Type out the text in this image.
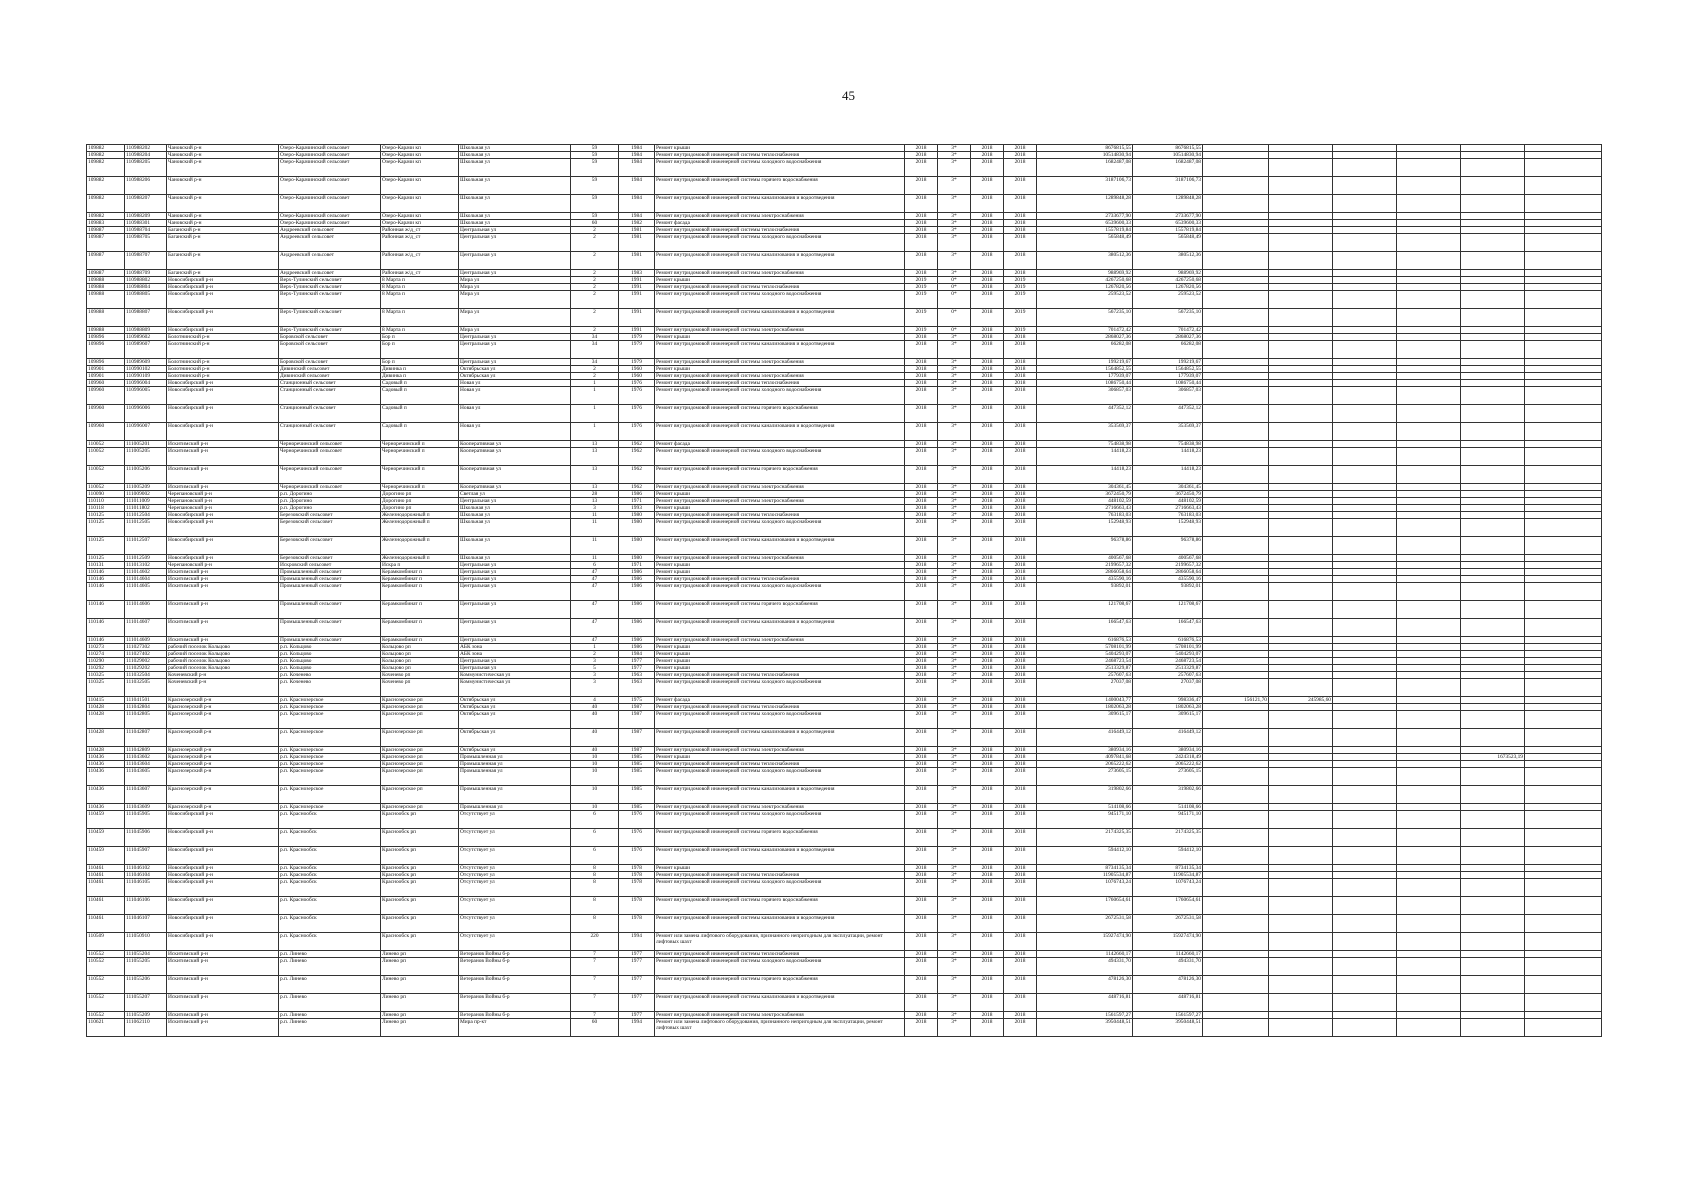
45
109882	110988202	Чановский р-н	Озеро-Карачинский сельсовет	Озеро-Карачи кп	Школьная ул	59	1984	Ремонт крыши	2018	3*	2018	2018	8676815,55	8676815,55						
109882	110988204	Чановский р-н	Озеро-Карачинский сельсовет	Озеро-Карачи кп	Школьная ул	59	1984	Ремонт внутридомовой инженерной системы теплоснабжения	2018	3*	2018	2018	10514830,94	10514830,94						
109882	110988205	Чановский р-н	Озеро-Карачинский сельсовет	Озеро-Карачи кп	Школьная ул	59	1984	Ремонт внутридомовой инженерной системы холодного водоснабжения	2018	3*	2018	2018	1682487,08	1682487,08						
109882	110988206	Чановский р-н	Озеро-Карачинский сельсовет	Озеро-Карачи кп	Школьная ул	59	1984	Ремонт внутридомовой инженерной системы горячего водоснабжения	2018	3*	2018	2018	3187106,73	3187106,73						
109882	110988207	Чановский р-н	Озеро-Карачинский сельсовет	Озеро-Карачи кп	Школьная ул	59	1984	Ремонт внутридомовой инженерной системы канализования и водоотведения	2018	3*	2018	2018	1289848,28	1289848,28						
109882	110988209	Чановский р-н	Озеро-Карачинский сельсовет	Озеро-Карачи кп	Школьная ул	59	1984	Ремонт внутридомовой инженерной системы электроснабжения	2018	3*	2018	2018	2733677,90	2733677,90						
109883	110988301	Чановский р-н	Озеро-Карачинский сельсовет	Озеро-Карачи кп	Школьная ул	60	1982	Ремонт фасада	2018	3*	2018	2018	6539600,33	6539600,33						
109887	110988704	Баганский р-н	Андреевский сельсовет	Районная ж/д_ст	Центральная ул	2	1981	Ремонт внутридомовой инженерной системы теплоснабжения	2018	3*	2018	2018	1557819,84	1557819,84						
109887	110988705	Баганский р-н	Андреевский сельсовет	Районная ж/д_ст	Центральная ул	2	1981	Ремонт внутридомовой инженерной системы холодного водоснабжения	2018	3*	2018	2018	565848,49	565848,49						
109887	110988707	Баганский р-н	Андреевский сельсовет	Районная ж/д_ст	Центральная ул	2	1981	Ремонт внутридомовой инженерной системы канализования и водоотведения	2018	3*	2018	2018	380512,36	380512,36						
109887	110988709	Баганский р-н	Андреевский сельсовет	Районная ж/д_ст	Центральная ул	2	1983	Ремонт внутридомовой инженерной системы электроснабжения	2018	3*	2018	2018	988969,92	988969,92						
109888	110988802	Новосибирский р-н	Верх-Тулинский сельсовет	8 Марта п	Мира ул	2	1991	Ремонт крыши	2019	0*	2018	2019	4267250,68	4267250,68						
109888	110988804	Новосибирский р-н	Верх-Тулинский сельсовет	8 Марта п	Мира ул	2	1991	Ремонт внутридомовой инженерной системы теплоснабжения	2019	0*	2018	2019	1267820,56	1267820,56						
109888	110988805	Новосибирский р-н	Верх-Тулинский сельсовет	8 Марта п	Мира ул	2	1991	Ремонт внутридомовой инженерной системы холодного водоснабжения	2019	0*	2018	2019	259523,52	259523,52						
109888	110988807	Новосибирский р-н	Верх-Тулинский сельсовет	8 Марта п	Мира ул	2	1991	Ремонт внутридомовой инженерной системы канализования и водоотведения	2019	0*	2018	2019	567235,10	567235,10						
109888	110988809	Новосибирский р-н	Верх-Тулинский сельсовет	8 Марта п	Мира ул	2	1991	Ремонт внутридомовой инженерной системы электроснабжения	2019	0*	2018	2019	701472,42	701472,42						
109896	110989602	Болотнинский р-н	Боровской сельсовет	Бор п	Центральная ул	34	1979	Ремонт крыши	2018	3*	2018	2018	2868027,36	2868027,36						
109896	110989607	Болотнинский р-н	Боровской сельсовет	Бор п	Центральная ул	34	1979	Ремонт внутридомовой инженерной системы канализования и водоотведения	2018	3*	2018	2018	66282,08	66282,08						
109896	110989609	Болотнинский р-н	Боровской сельсовет	Бор п	Центральная ул	34	1979	Ремонт внутридомовой инженерной системы электроснабжения	2018	3*	2018	2018	199219,67	199219,67						
109901	110990102	Болотнинский р-н	Дивинский сельсовет	Дивинка п	Октябрьская ул	2	1960	Ремонт крыши	2018	3*	2018	2018	1564852,55	1564852,55						
109901	110990109	Болотнинский р-н	Дивинский сельсовет	Дивинка п	Октябрьская ул	2	1960	Ремонт внутридомовой инженерной системы электроснабжения	2018	3*	2018	2018	177939,07	177939,07						
109960	110996004	Новосибирский р-н	Станционный сельсовет	Садовый п	Новая ул	1	1976	Ремонт внутридомовой инженерной системы теплоснабжения	2018	3*	2018	2018	1086750,44	1086750,44						
109960	110996005	Новосибирский р-н	Станционный сельсовет	Садовый п	Новая ул	1	1976	Ремонт внутридомовой инженерной системы холодного водоснабжения	2018	3*	2018	2018	306857,03	306857,03						
109960	110996006	Новосибирский р-н	Станционный сельсовет	Садовый п	Новая ул	1	1976	Ремонт внутридомовой инженерной системы горячего водоснабжения	2018	3*	2018	2018	447352,12	447352,12						
109960	110996007	Новосибирский р-н	Станционный сельсовет	Садовый п	Новая ул	1	1976	Ремонт внутридомовой инженерной системы канализования и водоотведения	2018	3*	2018	2018	353569,37	353569,37						
110052	111005201	Искитимский р-н	Черноречинский сельсовет	Черноречинский п	Кооперативная ул	13	1962	Ремонт фасада	2018	3*	2018	2018	754838,98	754838,98						
110052	111005205	Искитимский р-н	Черноречинский сельсовет	Черноречинский п	Кооперативная ул	13	1962	Ремонт внутридомовой инженерной системы холодного водоснабжения	2018	3*	2018	2018	14418,23	14418,23						
110052	111005206	Искитимский р-н	Черноречинский сельсовет	Черноречинский п	Кооперативная ул	13	1962	Ремонт внутридомовой инженерной системы горячего водоснабжения	2018	3*	2018	2018	14418,23	14418,23						
110052	111005209	Искитимский р-н	Черноречинский сельсовет	Черноречинский п	Кооперативная ул	13	1962	Ремонт внутридомовой инженерной системы электроснабжения	2018	3*	2018	2018	304361,45	304361,45						
110090	111009002	Черепановский р-н	р.п. Дорогино	Дорогино рп	Светлая ул	28	1986	Ремонт крыши	2018	3*	2018	2018	3672450,79	3672450,79						
110110	111011009	Черепановский р-н	р.п. Дорогино	Дорогино рп	Центральная ул	13	1971	Ремонт внутридомовой инженерной системы электроснабжения	2018	3*	2018	2018	448102,59	448102,59						
110118	111011802	Черепановский р-н	р.п. Дорогино	Дорогино рп	Школьная ул	3	1993	Ремонт крыши	2018	3*	2018	2018	2716663,43	2716663,43						
110125	111012504	Новосибирский р-н	Березовский сельсовет	Железнодорожный п	Школьная ул	11	1980	Ремонт внутридомовой инженерной системы теплоснабжения	2018	3*	2018	2018	763183,03	763183,03						
110125	111012505	Новосибирский р-н	Березовский сельсовет	Железнодорожный п	Школьная ул	11	1980	Ремонт внутридомовой инженерной системы холодного водоснабжения	2018	3*	2018	2018	152948,93	152948,93						
110125	111012507	Новосибирский р-н	Березовский сельсовет	Железнодорожный п	Школьная ул	11	1980	Ремонт внутридомовой инженерной системы канализования и водоотведения	2018	3*	2018	2018	96378,86	96378,86						
110125	111012509	Новосибирский р-н	Березовский сельсовет	Железнодорожный п	Школьная ул	11	1980	Ремонт внутридомовой инженерной системы электроснабжения	2018	3*	2018	2018	400567,68	400567,68						
110131	111013102	Черепановский р-н	Искровский сельсовет	Искра п	Центральная ул	6	1971	Ремонт крыши	2018	3*	2018	2018	2199657,32	2199657,32						
110146	111014602	Искитимский р-н	Промышленный сельсовет	Керамкомбинат п	Центральная ул	47	1986	Ремонт крыши	2018	3*	2018	2018	2866058,64	2866058,64						
110146	111014604	Искитимский р-н	Промышленный сельсовет	Керамкомбинат п	Центральная ул	47	1986	Ремонт внутридомовой инженерной системы теплоснабжения	2018	3*	2018	2018	435590,16	435590,16						
110146	111014605	Искитимский р-н	Промышленный сельсовет	Керамкомбинат п	Центральная ул	47	1986	Ремонт внутридомовой инженерной системы холодного водоснабжения	2018	3*	2018	2018	93892,01	93892,01						
110146	111014606	Искитимский р-н	Промышленный сельсовет	Керамкомбинат п	Центральная ул	47	1986	Ремонт внутридомовой инженерной системы горячего водоснабжения	2018	3*	2018	2018	121708,67	121708,67						
110146	111014607	Искитимский р-н	Промышленный сельсовет	Керамкомбинат п	Центральная ул	47	1986	Ремонт внутридомовой инженерной системы канализования и водоотведения	2018	3*	2018	2018	166547,63	166547,63						
110146	111014609	Искитимский р-н	Промышленный сельсовет	Керамкомбинат п	Центральная ул	47	1986	Ремонт внутридомовой инженерной системы электроснабжения	2018	3*	2018	2018	616876,53	616876,53						
110273	111027302	рабочий поселок Кольцово	р.п. Кольцово	Кольцово рп	АБК зона	1	1986	Ремонт крыши	2018	3*	2018	2018	5708101,99	5708101,99						
110274	111027402	рабочий поселок Кольцово	р.п. Кольцово	Кольцово рп	АБК зона	2	1984	Ремонт крыши	2018	3*	2018	2018	5404293,07	5404293,07						
110290	111029002	рабочий поселок Кольцово	р.п. Кольцово	Кольцово рп	Центральная ул	3	1977	Ремонт крыши	2018	3*	2018	2018	2468723,54	2468723,54						
110292	111029202	рабочий поселок Кольцово	р.п. Кольцово	Кольцово рп	Центральная ул	5	1977	Ремонт крыши	2018	3*	2018	2018	2513329,87	2513329,87						
110325	111032504	Коченевский р-н	р.п. Коченево	Коченево рп	Коммунистическая ул	3	1963	Ремонт внутридомовой инженерной системы теплоснабжения	2018	3*	2018	2018	257607,63	257607,63						
110325	111032505	Коченевский р-н	р.п. Коченево	Коченево рп	Коммунистическая ул	3	1963	Ремонт внутридомовой инженерной системы холодного водоснабжения	2018	3*	2018	2018	27037,08	27037,08						
110415	111041501	Краснозерский р-н	р.п. Краснозерское	Краснозерское рп	Октябрьская ул	4	1975	Ремонт фасада	2018	3*	2018	2018	1400043,77	998336,47	156121,70	245985,60				
110428	111042804	Краснозерский р-н	р.п. Краснозерское	Краснозерское рп	Октябрьская ул	40	1987	Ремонт внутридомовой инженерной системы теплоснабжения	2018	3*	2018	2018	1802063,28	1802063,28						
110428	111042805	Краснозерский р-н	р.п. Краснозерское	Краснозерское рп	Октябрьская ул	40	1987	Ремонт внутридомовой инженерной системы холодного водоснабжения	2018	3*	2018	2018	309615,17	309615,17						
110428	111042807	Краснозерский р-н	р.п. Краснозерское	Краснозерское рп	Октябрьская ул	40	1987	Ремонт внутридомовой инженерной системы канализования и водоотведения	2018	3*	2018	2018	416449,12	416449,12						
110428	111042809	Краснозерский р-н	р.п. Краснозерское	Краснозерское рп	Октябрьская ул	40	1987	Ремонт внутридомовой инженерной системы электроснабжения	2018	3*	2018	2018	380934,16	380934,16						
110436	111043602	Краснозерский р-н	р.п. Краснозерское	Краснозерское рп	Промышленная ул	10	1985	Ремонт крыши	2018	3*	2018	2018	4097841,68	2424318,49					1673523,19	
110436	111043604	Краснозерский р-н	р.п. Краснозерское	Краснозерское рп	Промышленная ул	10	1985	Ремонт внутридомовой инженерной системы теплоснабжения	2018	3*	2018	2018	2065222,62	2065222,62						
110436	111043605	Краснозерский р-н	р.п. Краснозерское	Краснозерское рп	Промышленная ул	10	1985	Ремонт внутридомовой инженерной системы холодного водоснабжения	2018	3*	2018	2018	273605,15	273605,15						
110436	111043607	Краснозерский р-н	р.п. Краснозерское	Краснозерское рп	Промышленная ул	10	1985	Ремонт внутридомовой инженерной системы канализования и водоотведения	2018	3*	2018	2018	319802,66	319802,66						
110436	111043609	Краснозерский р-н	р.п. Краснозерское	Краснозерское рп	Промышленная ул	10	1985	Ремонт внутридомовой инженерной системы электроснабжения	2018	3*	2018	2018	514108,66	514108,66						
110459	111045905	Новосибирский р-н	р.п. Краснообск	Краснообск рп	Отсутствует ул	6	1976	Ремонт внутридомовой инженерной системы холодного водоснабжения	2018	3*	2018	2018	945171,10	945171,10						
110459	111045906	Новосибирский р-н	р.п. Краснообск	Краснообск рп	Отсутствует ул	6	1976	Ремонт внутридомовой инженерной системы горячего водоснабжения	2018	3*	2018	2018	2174325,35	2174325,35						
110459	111045907	Новосибирский р-н	р.п. Краснообск	Краснообск рп	Отсутствует ул	6	1976	Ремонт внутридомовой инженерной системы канализования и водоотведения	2018	3*	2018	2018	594412,10	594412,10						
110461	111046102	Новосибирский р-н	р.п. Краснообск	Краснообск рп	Отсутствует ул	8	1978	Ремонт крыши	2018	3*	2018	2018	8734135,34	8734135,34						
110461	111046104	Новосибирский р-н	р.п. Краснообск	Краснообск рп	Отсутствует ул	8	1978	Ремонт внутридомовой инженерной системы теплоснабжения	2018	3*	2018	2018	11905534,87	11905534,87						
110461	111046105	Новосибирский р-н	р.п. Краснообск	Краснообск рп	Отсутствует ул	8	1978	Ремонт внутридомовой инженерной системы холодного водоснабжения	2018	3*	2018	2018	1076743,24	1076743,24						
110461	111046106	Новосибирский р-н	р.п. Краснообск	Краснообск рп	Отсутствует ул	8	1978	Ремонт внутридомовой инженерной системы горячего водоснабжения	2018	3*	2018	2018	1760654,61	1760654,61						
110461	111046107	Новосибирский р-н	р.п. Краснообск	Краснообск рп	Отсутствует ул	8	1978	Ремонт внутридомовой инженерной системы канализования и водоотведения	2018	3*	2018	2018	2672531,58	2672531,58						
110509	111050910	Новосибирский р-н	р.п. Краснообск	Краснообск рп	Отсутствует ул	220	1994	Ремонт или замена лифтового оборудования, признанного непригодным для эксплуатации, ремонт лифтовых шахт	2018	3*	2018	2018	15927474,90	15927474,90						
110552	111055204	Искитимский р-н	р.п. Линево	Линево рп	Ветеранов Войны б-р	7	1977	Ремонт внутридомовой инженерной системы теплоснабжения	2018	3*	2018	2018	1142660,17	1142660,17						
110552	111055205	Искитимский р-н	р.п. Линево	Линево рп	Ветеранов Войны б-р	7	1977	Ремонт внутридомовой инженерной системы холодного водоснабжения	2018	3*	2018	2018	494331,70	494331,70						
110552	111055206	Искитимский р-н	р.п. Линево	Линево рп	Ветеранов Войны б-р	7	1977	Ремонт внутридомовой инженерной системы горячего водоснабжения	2018	3*	2018	2018	478126,30	478126,30						
110552	111055207	Искитимский р-н	р.п. Линево	Линево рп	Ветеранов Войны б-р	7	1977	Ремонт внутридомовой инженерной системы канализования и водоотведения	2018	3*	2018	2018	448716,81	448716,81						
110552	111055209	Искитимский р-н	р.п. Линево	Линево рп	Ветеранов Войны б-р	7	1977	Ремонт внутридомовой инженерной системы электроснабжения	2018	3*	2018	2018	1561597,27	1561597,27						
110621	111062110	Искитимский р-н	р.п. Линево	Линево рп	Мира пр-кт	60	1994	Ремонт или замена лифтового оборудования, признанного непригодным для эксплуатации, ремонт лифтовых шахт	2018	3*	2018	2018	3950448,51	3950448,51						
